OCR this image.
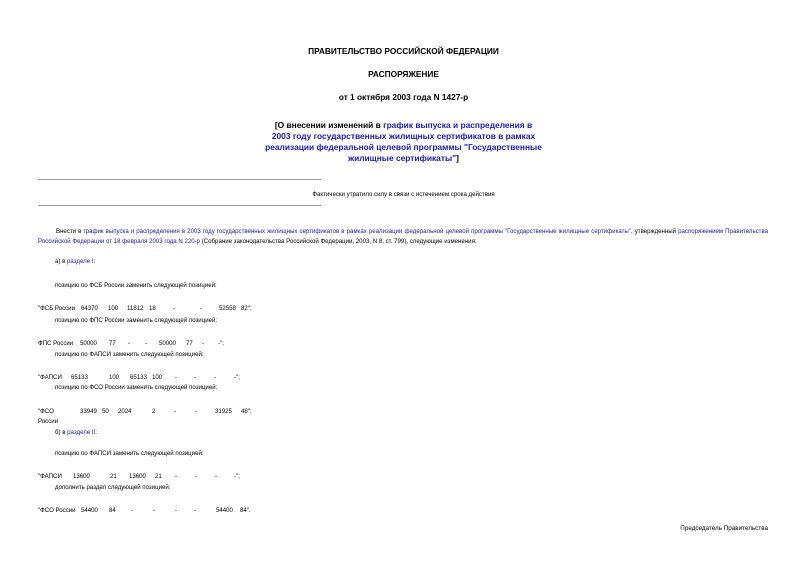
ПРАВИТЕЛЬСТВО РОССИЙСКОЙ ФЕДЕРАЦИИ
РАСПОРЯЖЕНИЕ
от 1 октября 2003 года N 1427-р
[О внесении изменений в график выпуска и распределения в
2003 году государственных жилищных сертификатов в рамках
реализации федеральной целевой программы "Государственные
жилищные сертификаты"]
Фактически утратило силу в связи с истечением срока действия
Внести в график выпуска и распределения в 2003 году государственных жилищных сертификатов в рамках реализации федеральной целевой программы "Государственные жилищные сертификаты", утвержденный распоряжением Правительства Российской Федерации от 18 февраля 2003 года N 220-р (Собрание законодательства Российской Федерации, 2003, N 8, ст. 799), следующие изменения:
а) в разделе I:
позицию по ФСБ России заменить следующей позицией:
"ФСБ России 64370 100 11812 18	-	-	52558 82";
позицию по ФПС России заменить следующей позицией:
ФПС России 50000 77 - - 50000 77 - -";
позицию по ФАПСИ заменить следующей позицией:
"ФАПСИ 65133	100 65133 100 -	-	-	-";
позицию по ФСО России заменить следующей позицией:
"ФСО	33949 50 2024	2	-	-	31925 48";
России
б) в разделе II:
позицию по ФАПСИ заменить следующей позицией:
"ФАПСИ 13600	21 13600 21 -	-	-	-";
дополнить раздел следующей позицией:
"ФСО России 54400 84 -	-	-	-	54400 84".
Председатель Правительства
